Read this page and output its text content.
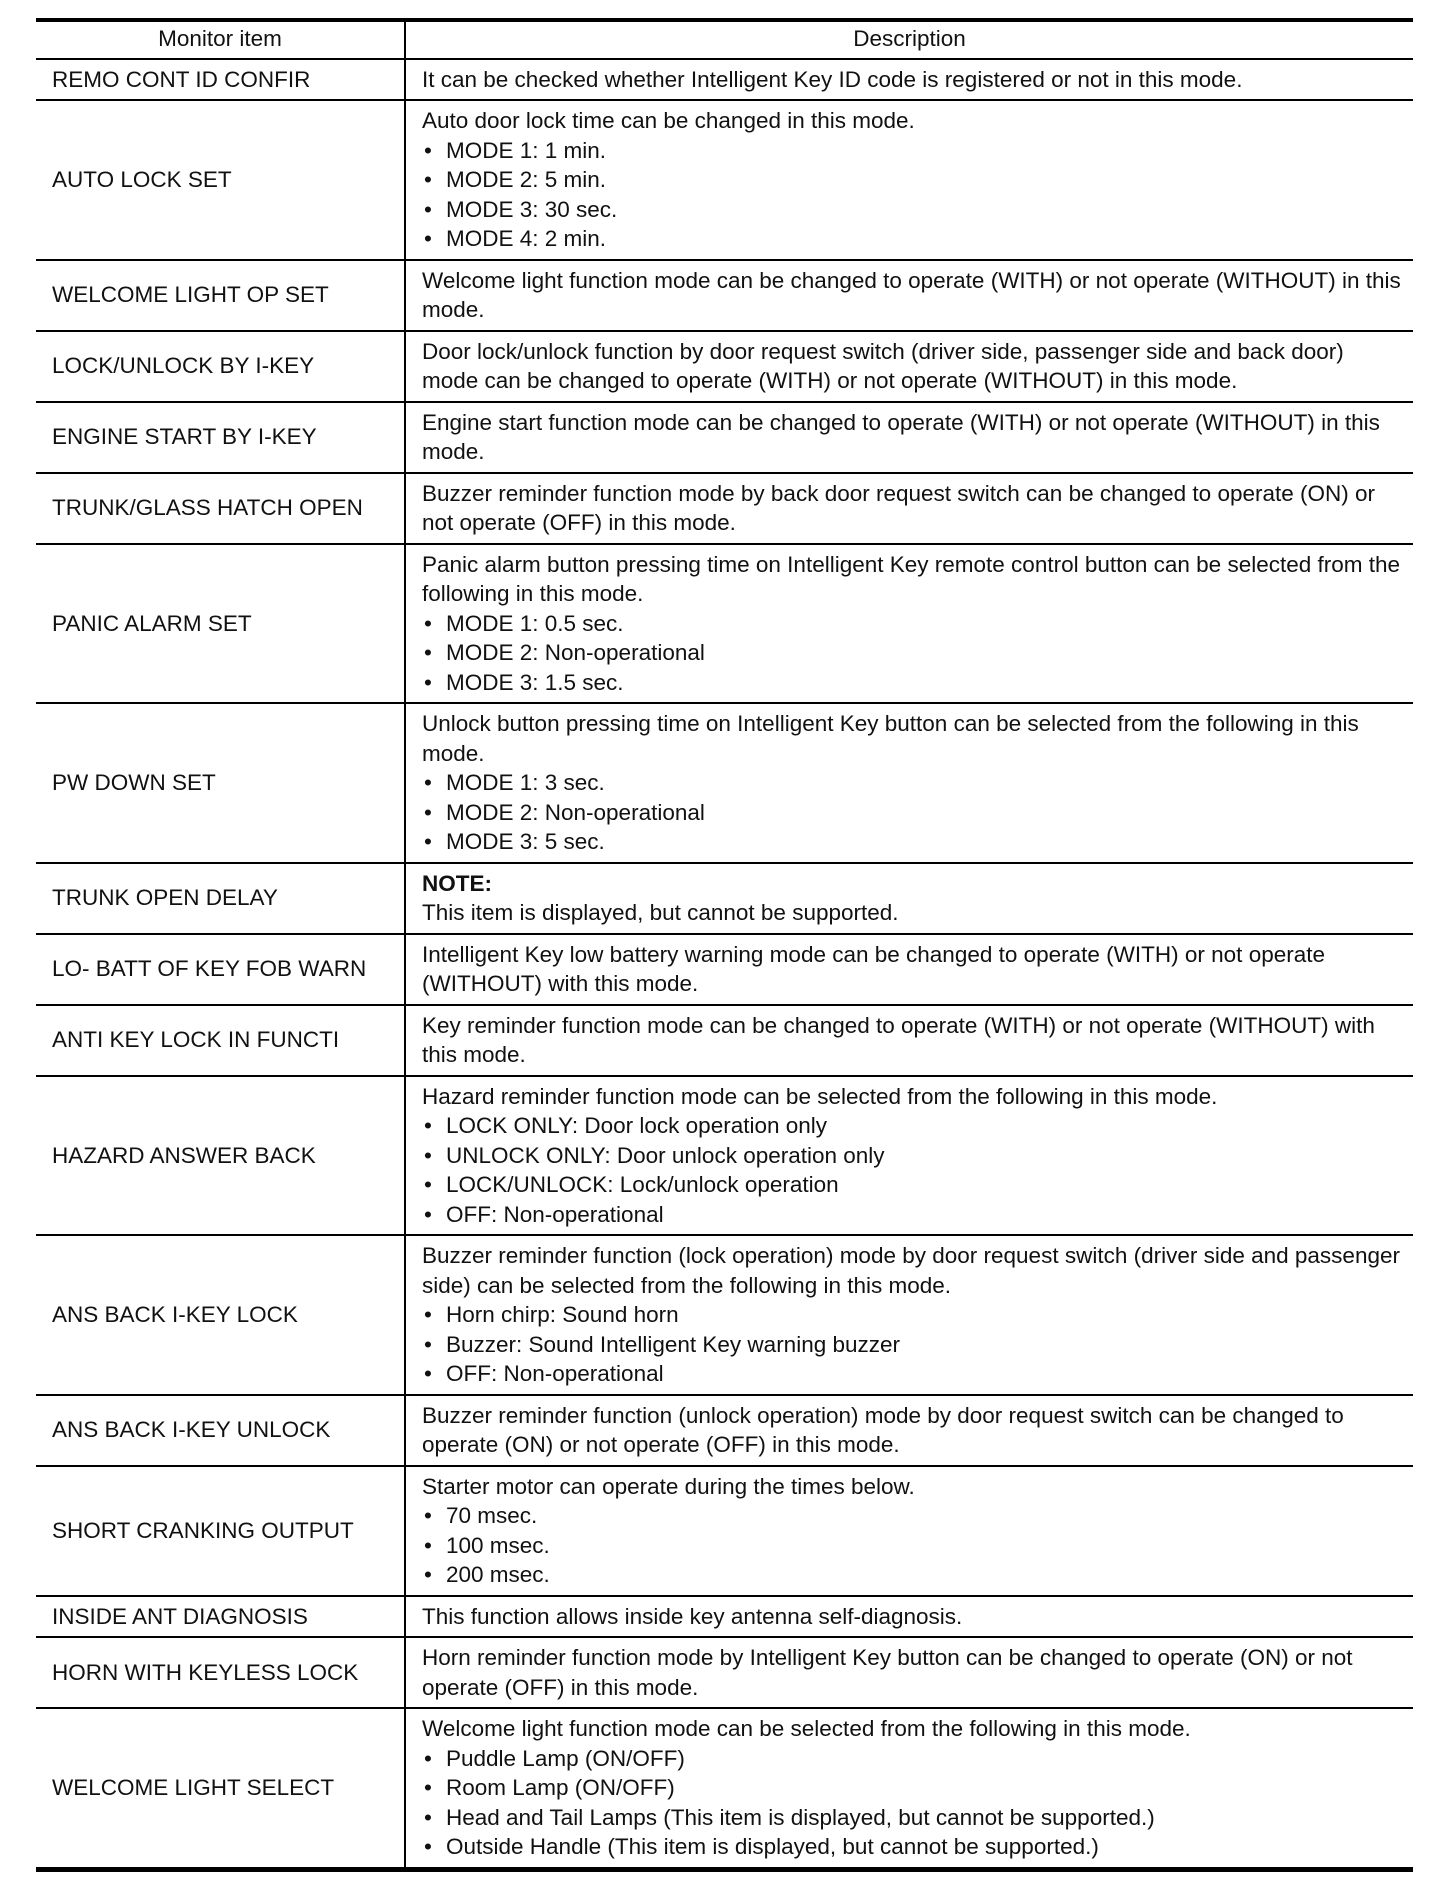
Monitor item	Description
REMO CONT ID CONFIR	It can be checked whether Intelligent Key ID code is registered or not in this mode.

AUTO LOCK SET	Auto door lock time can be changed in this mode.
• MODE 1: 1 min.
• MODE 2: 5 min.
• MODE 3: 30 sec.
• MODE 4: 2 min.

WELCOME LIGHT OP SET	Welcome light function mode can be changed to operate (WITH) or not operate (WITHOUT) in this mode.

LOCK/UNLOCK BY I-KEY	Door lock/unlock function by door request switch (driver side, passenger side and back door) mode can be changed to operate (WITH) or not operate (WITHOUT) in this mode.

ENGINE START BY I-KEY	Engine start function mode can be changed to operate (WITH) or not operate (WITHOUT) in this mode.

TRUNK/GLASS HATCH OPEN	Buzzer reminder function mode by back door request switch can be changed to operate (ON) or not operate (OFF) in this mode.

PANIC ALARM SET	Panic alarm button pressing time on Intelligent Key remote control button can be selected from the following in this mode.
• MODE 1: 0.5 sec.
• MODE 2: Non-operational
• MODE 3: 1.5 sec.

PW DOWN SET	Unlock button pressing time on Intelligent Key button can be selected from the following in this mode.
• MODE 1: 3 sec.
• MODE 2: Non-operational
• MODE 3: 5 sec.

TRUNK OPEN DELAY	NOTE:
This item is displayed, but cannot be supported.

LO- BATT OF KEY FOB WARN	Intelligent Key low battery warning mode can be changed to operate (WITH) or not operate (WITHOUT) with this mode.

ANTI KEY LOCK IN FUNCTI	Key reminder function mode can be changed to operate (WITH) or not operate (WITHOUT) with this mode.

HAZARD ANSWER BACK	Hazard reminder function mode can be selected from the following in this mode.
• LOCK ONLY: Door lock operation only
• UNLOCK ONLY: Door unlock operation only
• LOCK/UNLOCK: Lock/unlock operation
• OFF: Non-operational

ANS BACK I-KEY LOCK	Buzzer reminder function (lock operation) mode by door request switch (driver side and passenger side) can be selected from the following in this mode.
• Horn chirp: Sound horn
• Buzzer: Sound Intelligent Key warning buzzer
• OFF: Non-operational

ANS BACK I-KEY UNLOCK	Buzzer reminder function (unlock operation) mode by door request switch can be changed to operate (ON) or not operate (OFF) in this mode.

SHORT CRANKING OUTPUT	Starter motor can operate during the times below.
• 70 msec.
• 100 msec.
• 200 msec.

INSIDE ANT DIAGNOSIS	This function allows inside key antenna self-diagnosis.

HORN WITH KEYLESS LOCK	Horn reminder function mode by Intelligent Key button can be changed to operate (ON) or not operate (OFF) in this mode.

WELCOME LIGHT SELECT	Welcome light function mode can be selected from the following in this mode.
• Puddle Lamp (ON/OFF)
• Room Lamp (ON/OFF)
• Head and Tail Lamps (This item is displayed, but cannot be supported.)
• Outside Handle (This item is displayed, but cannot be supported.)
